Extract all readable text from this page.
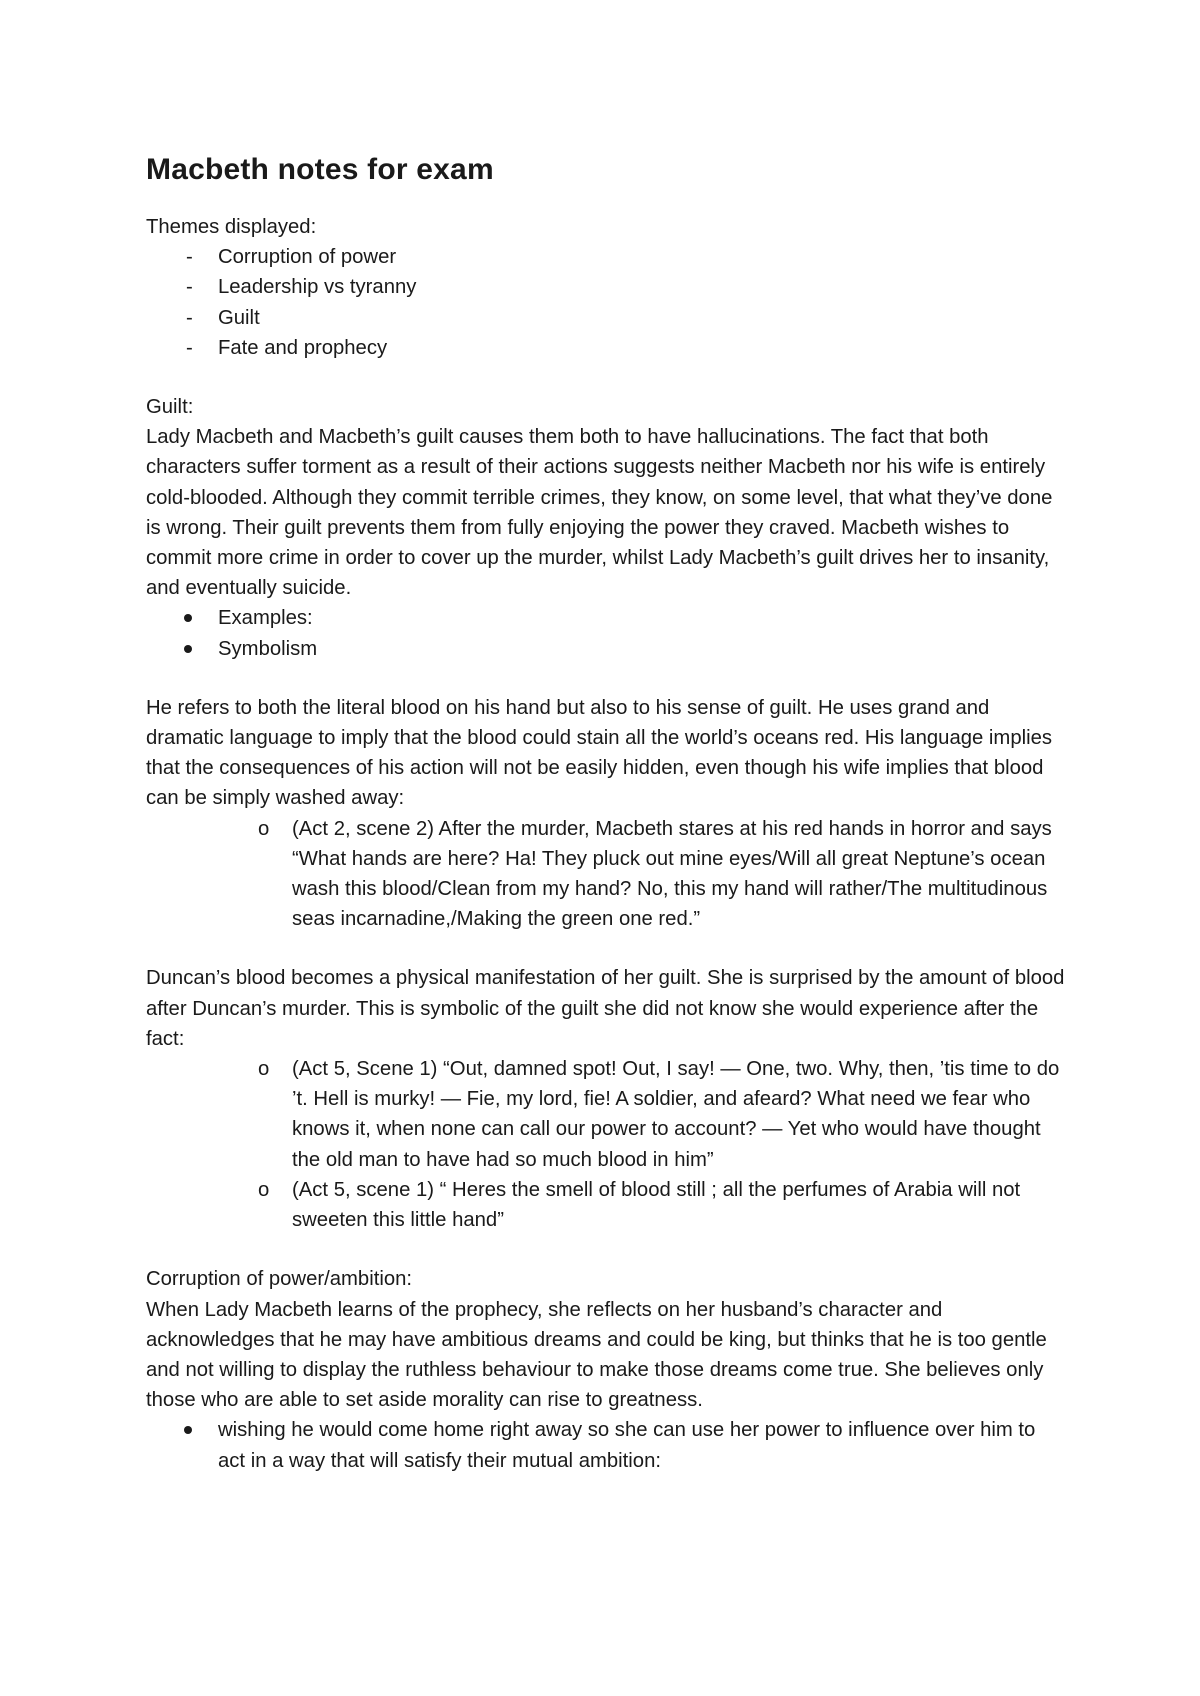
Macbeth notes for exam

Themes displayed:

- Corruption of power
- Leadership vs tyranny
- Guilt
- Fate and prophecy

Guilt:

Lady Macbeth and Macbeth’s guilt causes them both to have hallucinations. The fact that both characters suffer torment as a result of their actions suggests neither Macbeth nor his wife is entirely cold-blooded. Although they commit terrible crimes, they know, on some level, that what they’ve done is wrong. Their guilt prevents them from fully enjoying the power they craved. Macbeth wishes to commit more crime in order to cover up the murder, whilst Lady Macbeth’s guilt drives her to insanity, and eventually suicide.

Examples:
Symbolism

He refers to both the literal blood on his hand but also to his sense of guilt. He uses grand and dramatic language to imply that the blood could stain all the world’s oceans red. His language implies that the consequences of his action will not be easily hidden, even though his wife implies that blood can be simply washed away:

o (Act 2, scene 2) After the murder, Macbeth stares at his red hands in horror and says “What hands are here? Ha! They pluck out mine eyes/Will all great Neptune’s ocean wash this blood/Clean from my hand? No, this my hand will rather/The multitudinous seas incarnadine,/Making the green one red.”

Duncan’s blood becomes a physical manifestation of her guilt. She is surprised by the amount of blood after Duncan’s murder. This is symbolic of the guilt she did not know she would experience after the fact:

o (Act 5, Scene 1) “Out, damned spot! Out, I say! — One, two. Why, then, ’tis time to do ’t. Hell is murky! — Fie, my lord, fie! A soldier, and afeard? What need we fear who knows it, when none can call our power to account? — Yet who would have thought the old man to have had so much blood in him”
o (Act 5, scene 1) “ Heres the smell of blood still ; all the perfumes of Arabia will not sweeten this little hand”

Corruption of power/ambition:

When Lady Macbeth learns of the prophecy, she reflects on her husband’s character and acknowledges that he may have ambitious dreams and could be king, but thinks that he is too gentle and not willing to display the ruthless behaviour to make those dreams come true. She believes only those who are able to set aside morality can rise to greatness.

wishing he would come home right away so she can use her power to influence over him to act in a way that will satisfy their mutual ambition:
